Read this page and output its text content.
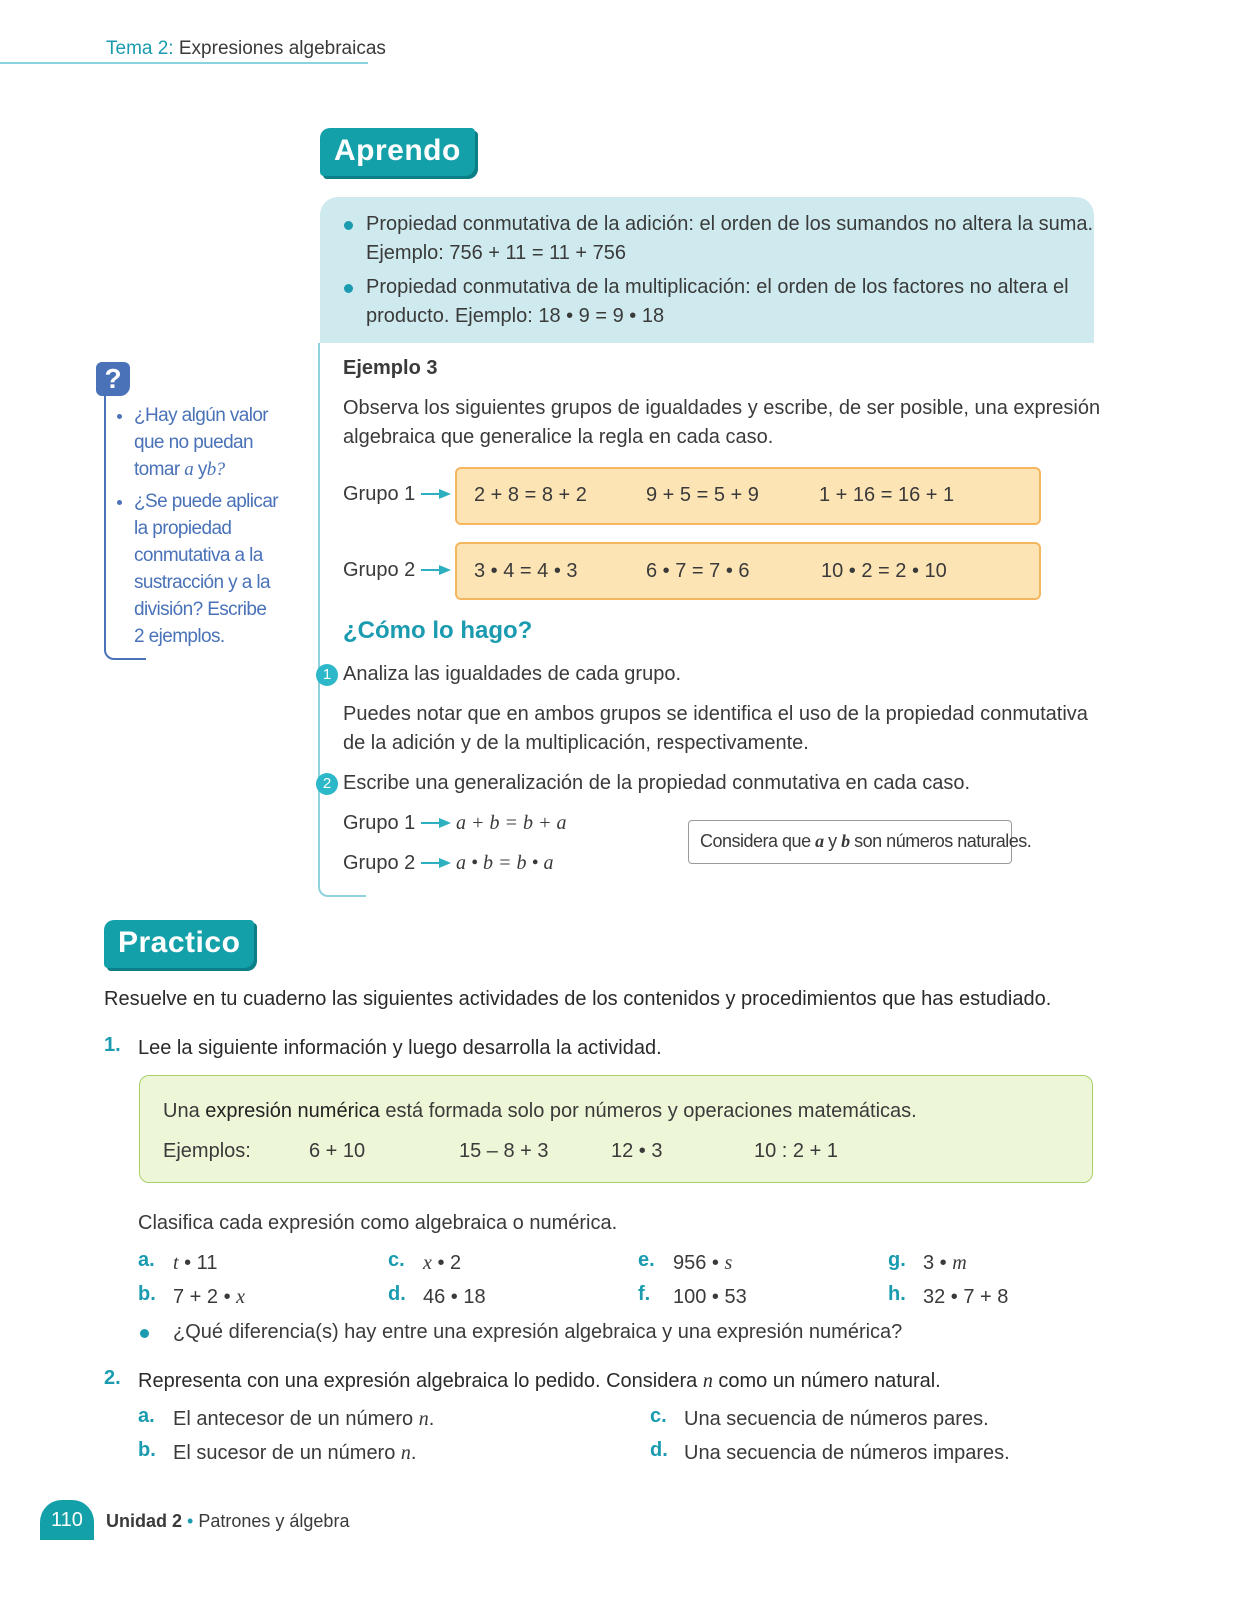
Tema 2: Expresiones algebraicas
Aprendo
Propiedad conmutativa de la adición: el orden de los sumandos no altera la suma.
Ejemplo: 756 + 11 = 11 + 756
Propiedad conmutativa de la multiplicación: el orden de los factores no altera el
producto. Ejemplo: 18 • 9 = 9 • 18
Ejemplo 3
Observa los siguientes grupos de igualdades y escribe, de ser posible, una expresión
algebraica que generalice la regla en cada caso.
Grupo 1	2 + 8 = 8 + 2	9 + 5 = 5 + 9	1 + 16 = 16 + 1
Grupo 2	3 • 4 = 4 • 3	6 • 7 = 7 • 6	10 • 2 = 2 • 10
¿Cómo lo hago?
1 Analiza las igualdades de cada grupo.
Puedes notar que en ambos grupos se identifica el uso de la propiedad conmutativa
de la adición y de la multiplicación, respectivamente.
2 Escribe una generalización de la propiedad conmutativa en cada caso.
Grupo 1 a + b = b + a
Grupo 2 a • b = b • a
Considera que a y b son números naturales.
?
¿Hay algún valor
que no puedan
tomar a yb?
¿Se puede aplicar
la propiedad
conmutativa a la
sustracción y a la
división? Escribe
2 ejemplos.
Practico
Resuelve en tu cuaderno las siguientes actividades de los contenidos y procedimientos que has estudiado.
1. Lee la siguiente información y luego desarrolla la actividad.
Una expresión numérica está formada solo por números y operaciones matemáticas.
Ejemplos:	6 + 10	15 – 8 + 3	12 • 3	10 : 2 + 1
Clasifica cada expresión como algebraica o numérica.
a. t • 11
b. 7 + 2 • x
c. x • 2
d. 46 • 18
e. 956 • s
f. 100 • 53
g. 3 • m
h. 32 • 7 + 8
¿Qué diferencia(s) hay entre una expresión algebraica y una expresión numérica?
2. Representa con una expresión algebraica lo pedido. Considera n como un número natural.
a. El antecesor de un número n.
b. El sucesor de un número n.
c. Una secuencia de números pares.
d. Una secuencia de números impares.
110	Unidad 2 • Patrones y álgebra
